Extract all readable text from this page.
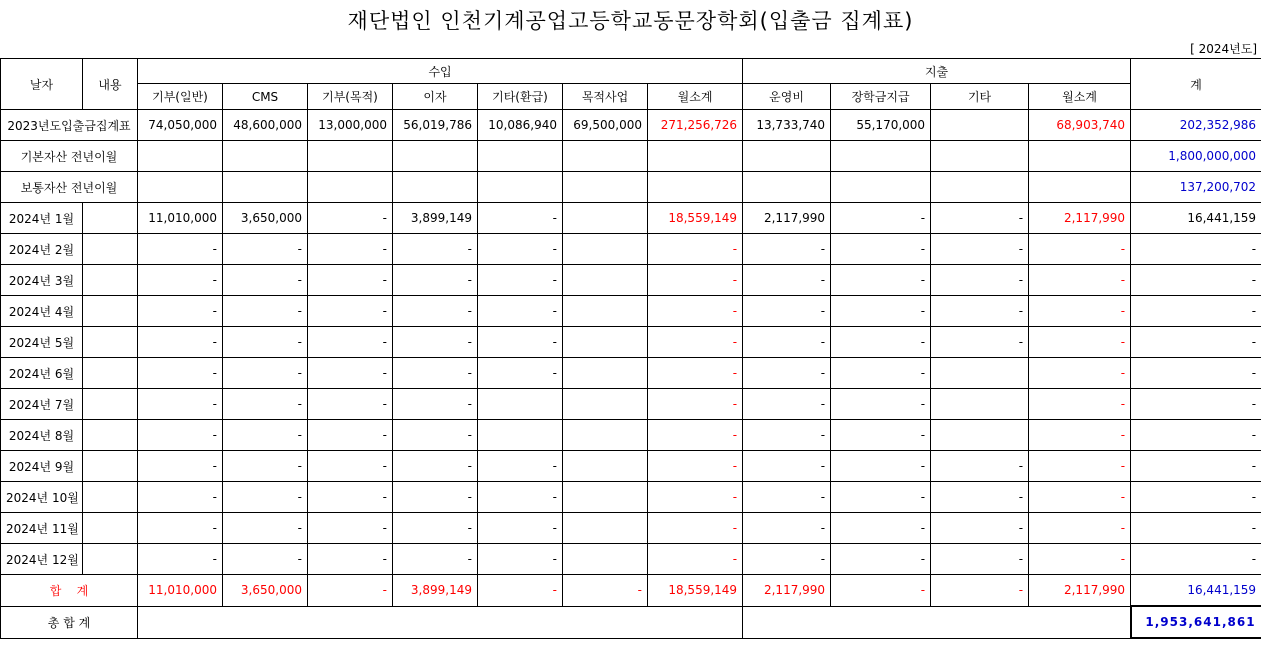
재단법인 인천기계공업고등학교동문장학회(입출금 집계표)
[ 2024년도]
날자	내용	수입							지출				계
		기부(일반)	CMS	기부(목적)	이자	기타(환급)	목적사업	월소계	운영비	장학금지급	기타	월소계	
2023년도입출금집계표		74,050,000	48,600,000	13,000,000	56,019,786	10,086,940	69,500,000	271,256,726	13,733,740	55,170,000		68,903,740	202,352,986
기본자산 전년이월													1,800,000,000
보통자산 전년이월													137,200,702
2024년 1월		11,010,000	3,650,000	-	3,899,149	-		18,559,149	2,117,990	-	-	2,117,990	16,441,159
2024년 2월		-	-	-	-	-		-	-	-	-	-	-
2024년 3월		-	-	-	-	-		-	-	-	-	-	-
2024년 4월		-	-	-	-	-		-	-	-	-	-	-
2024년 5월		-	-	-	-	-		-	-	-	-	-	-
2024년 6월		-	-	-	-	-		-	-	-		-	-
2024년 7월		-	-	-	-			-	-	-		-	-
2024년 8월		-	-	-	-			-	-	-		-	-
2024년 9월		-	-	-	-	-		-	-	-	-	-	-
2024년 10월		-	-	-	-	-		-	-	-	-	-	-
2024년 11월		-	-	-	-	-		-	-	-	-	-	-
2024년 12월		-	-	-	-	-		-	-	-	-	-	-
합    계		11,010,000	3,650,000	-	3,899,149	-	-	18,559,149	2,117,990	-	-	2,117,990	16,441,159
총 합 계													1,953,641,861
